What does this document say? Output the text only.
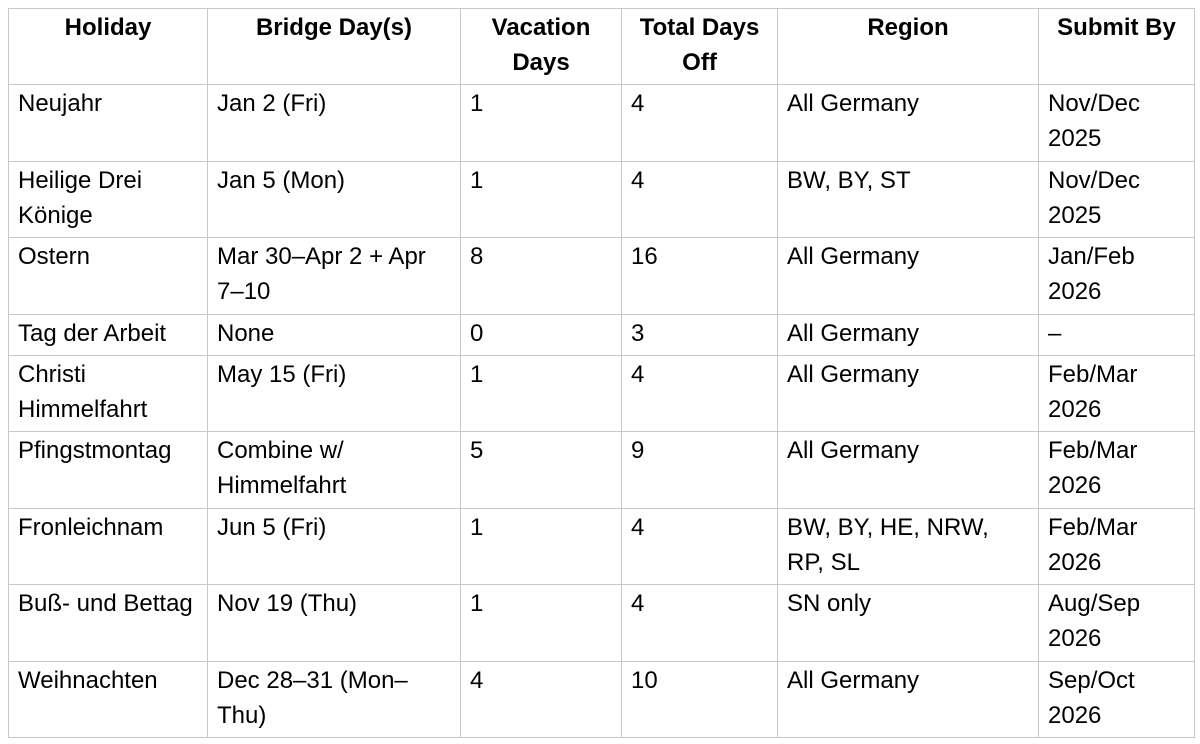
Holiday	Bridge Day(s)	Vacation Days	Total Days Off	Region	Submit By
Neujahr	Jan 2 (Fri)	1	4	All Germany	Nov/Dec 2025
Heilige Drei Könige	Jan 5 (Mon)	1	4	BW, BY, ST	Nov/Dec 2025
Ostern	Mar 30–Apr 2 + Apr 7–10	8	16	All Germany	Jan/Feb 2026
Tag der Arbeit	None	0	3	All Germany	–
Christi Himmelfahrt	May 15 (Fri)	1	4	All Germany	Feb/Mar 2026
Pfingstmontag	Combine w/ Himmelfahrt	5	9	All Germany	Feb/Mar 2026
Fronleichnam	Jun 5 (Fri)	1	4	BW, BY, HE, NRW, RP, SL	Feb/Mar 2026
Buß- und Bettag	Nov 19 (Thu)	1	4	SN only	Aug/Sep 2026
Weihnachten	Dec 28–31 (Mon–Thu)	4	10	All Germany	Sep/Oct 2026
